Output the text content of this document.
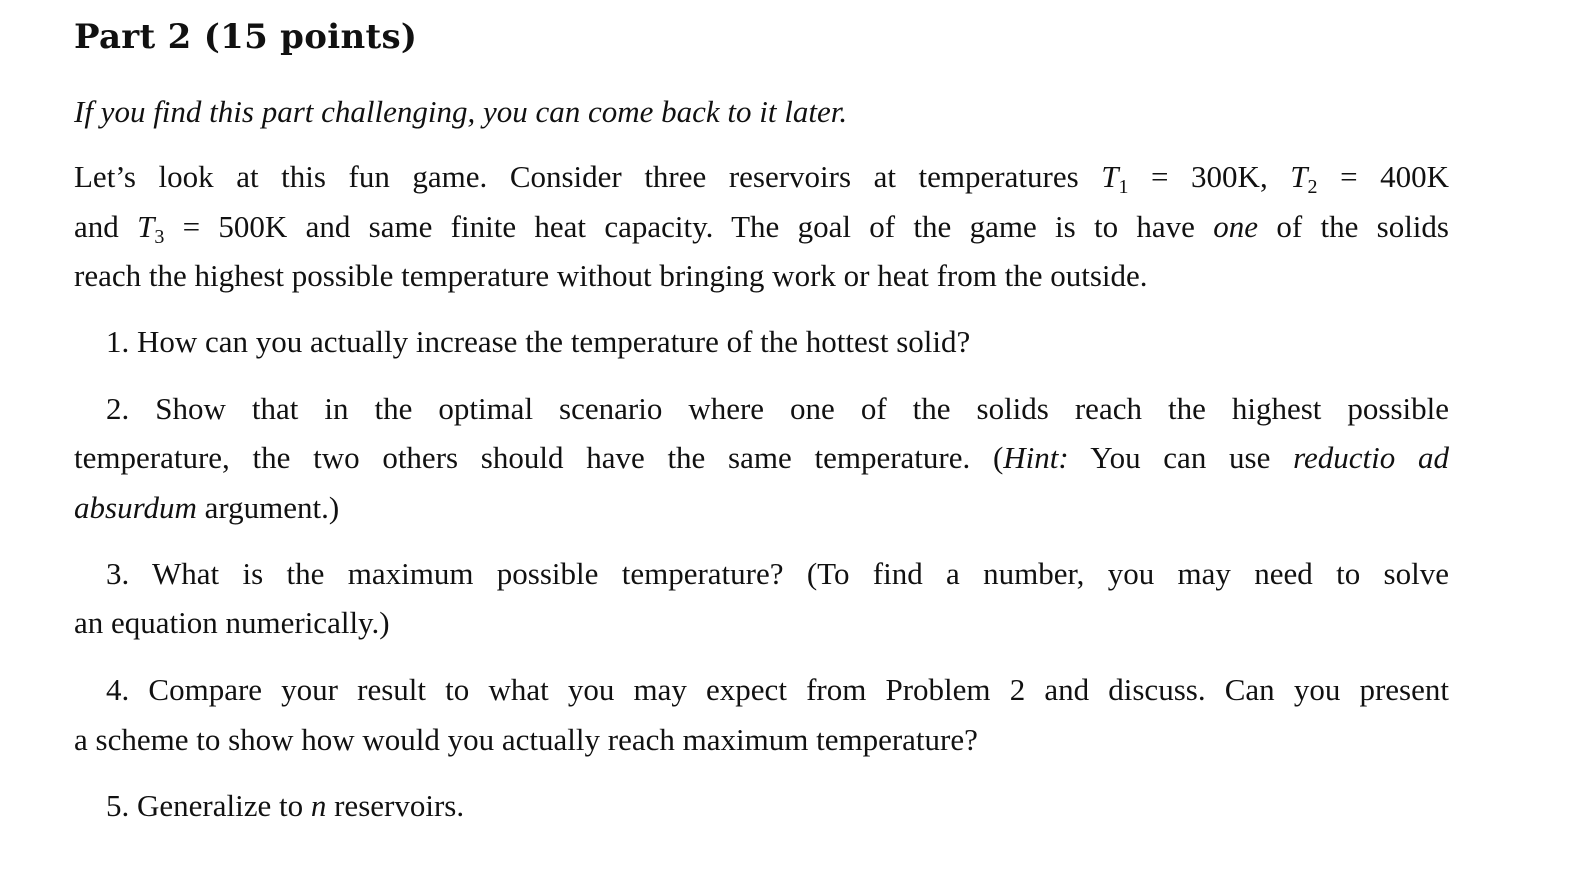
Part 2 (15 points)
If you find this part challenging, you can come back to it later.
Let’s look at this fun game. Consider three reservoirs at temperatures $T_1 = 300K$, $T_2 = 400K$
and $T_3 = 500K$ and same finite heat capacity. The goal of the game is to have one of the solids
reach the highest possible temperature without bringing work or heat from the outside.
1. How can you actually increase the temperature of the hottest solid?
2. Show that in the optimal scenario where one of the solids reach the highest possible
temperature, the two others should have the same temperature. (Hint: You can use reductio ad
absurdum argument.)
3. What is the maximum possible temperature? (To find a number, you may need to solve
an equation numerically.)
4. Compare your result to what you may expect from Problem 2 and discuss. Can you present
a scheme to show how would you actually reach maximum temperature?
5. Generalize to n reservoirs.
